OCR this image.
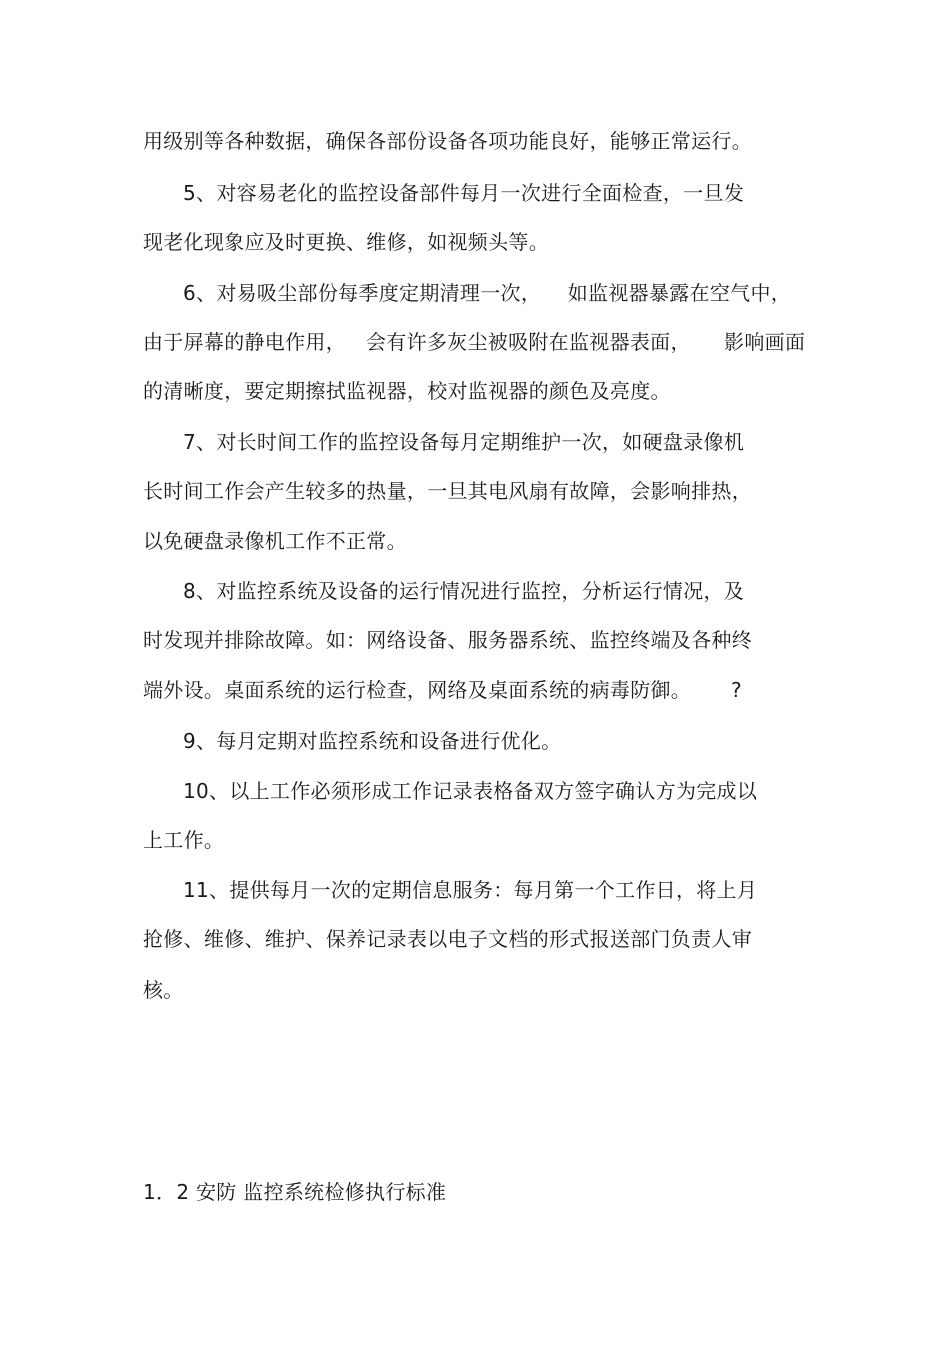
用级别等各种数据，确保各部份设备各项功能良好，能够正常运行。
5、对容易老化的监控设备部件每月一次进行全面检查，一旦发
现老化现象应及时更换、维修，如视频头等。
6、对易吸尘部份每季度定期清理一次，    如监视器暴露在空气中，
由于屏幕的静电作用，   会有许多灰尘被吸附在监视器表面，     影响画面
的清晰度，要定期擦拭监视器，校对监视器的颜色及亮度。
7、对长时间工作的监控设备每月定期维护一次，如硬盘录像机
长时间工作会产生较多的热量，一旦其电风扇有故障，会影响排热，
以免硬盘录像机工作不正常。
8、对监控系统及设备的运行情况进行监控，分析运行情况，及
时发现并排除故障。如：网络设备、服务器系统、监控终端及各种终
端外设。桌面系统的运行检查，网络及桌面系统的病毒防御。      ?
9、每月定期对监控系统和设备进行优化。
10、以上工作必须形成工作记录表格备双方签字确认方为完成以
上工作。
11、提供每月一次的定期信息服务：每月第一个工作日，将上月
抢修、维修、维护、保养记录表以电子文档的形式报送部门负责人审
核。
1．2 安防 监控系统检修执行标准
